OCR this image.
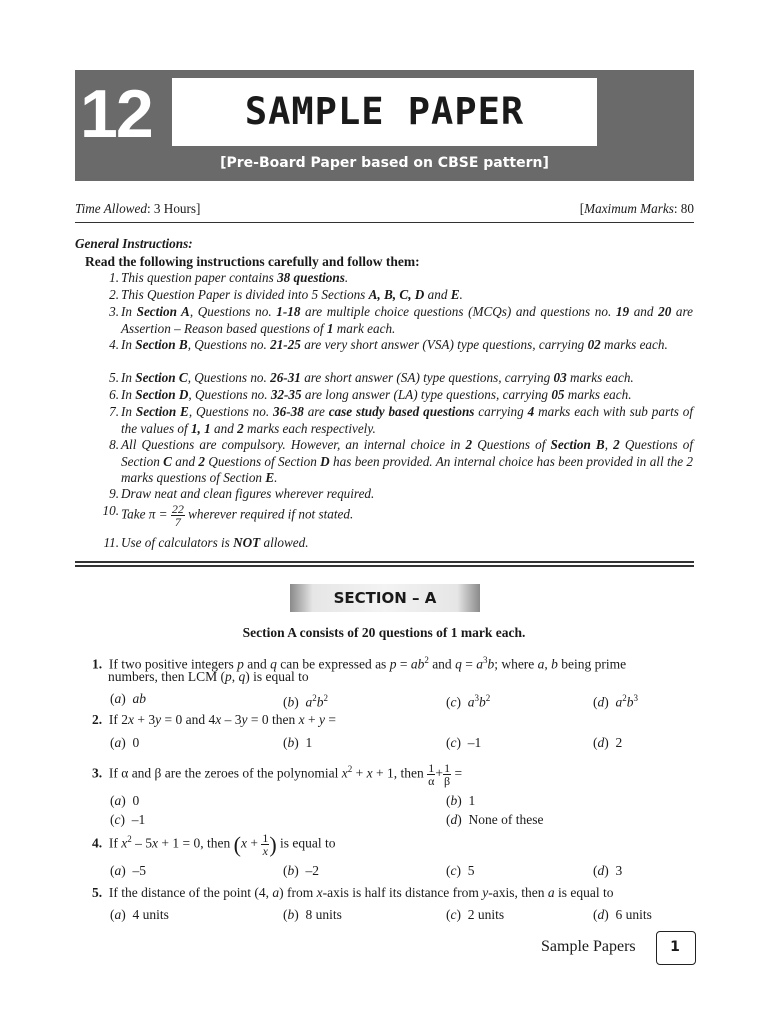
12	SAMPLE PAPER
[Pre-Board Paper based on CBSE pattern]
Time Allowed: 3 Hours]	[Maximum Marks: 80
General Instructions:
Read the following instructions carefully and follow them:
1. This question paper contains 38 questions.
2. This Question Paper is divided into 5 Sections A, B, C, D and E.
3. In Section A, Questions no. 1-18 are multiple choice questions (MCQs) and questions no. 19 and 20 are Assertion – Reason based questions of 1 mark each.
4. In Section B, Questions no. 21-25 are very short answer (VSA) type questions, carrying 02 marks each.
5. In Section C, Questions no. 26-31 are short answer (SA) type questions, carrying 03 marks each.
6. In Section D, Questions no. 32-35 are long answer (LA) type questions, carrying 05 marks each.
7. In Section E, Questions no. 36-38 are case study based questions carrying 4 marks each with sub parts of the values of 1, 1 and 2 marks each respectively.
8. All Questions are compulsory. However, an internal choice in 2 Questions of Section B, 2 Questions of Section C and 2 Questions of Section D has been provided. An internal choice has been provided in all the 2 marks questions of Section E.
9. Draw neat and clean figures wherever required.
10. Take $\pi = \frac{22}{7}$ wherever required if not stated.
11. Use of calculators is NOT allowed.
SECTION – A
Section A consists of 20 questions of 1 mark each.
1.  If two positive integers p and q can be expressed as $p = ab^2$ and $q = a^3b$; where a, b being prime
numbers, then LCM (p, q) is equal to
(a)  ab	(b)  $a^2b^2$	(c)  $a^3b^2$	(d)  $a^2b^3$
2.  If 2x + 3y = 0 and 4x – 3y = 0 then x + y =
(a)  0	(b)  1	(c)  –1	(d)  2
3.  If α and β are the zeroes of the polynomial $x^2 + x + 1$, then $\frac{1}{\alpha} + \frac{1}{\beta}$ =
(a)  0	(b)  1
(c)  –1	(d)  None of these
4.  If $x^2 - 5x + 1 = 0$, then ($x + \frac{1}{x}$ ) is equal to
(a)  –5	(b)  –2	(c)  5	(d)  3
5.  If the distance of the point (4, a) from x-axis is half its distance from y-axis, then a is equal to
(a)  4 units	(b)  8 units	(c)  2 units	(d)  6 units
Sample Papers	1
